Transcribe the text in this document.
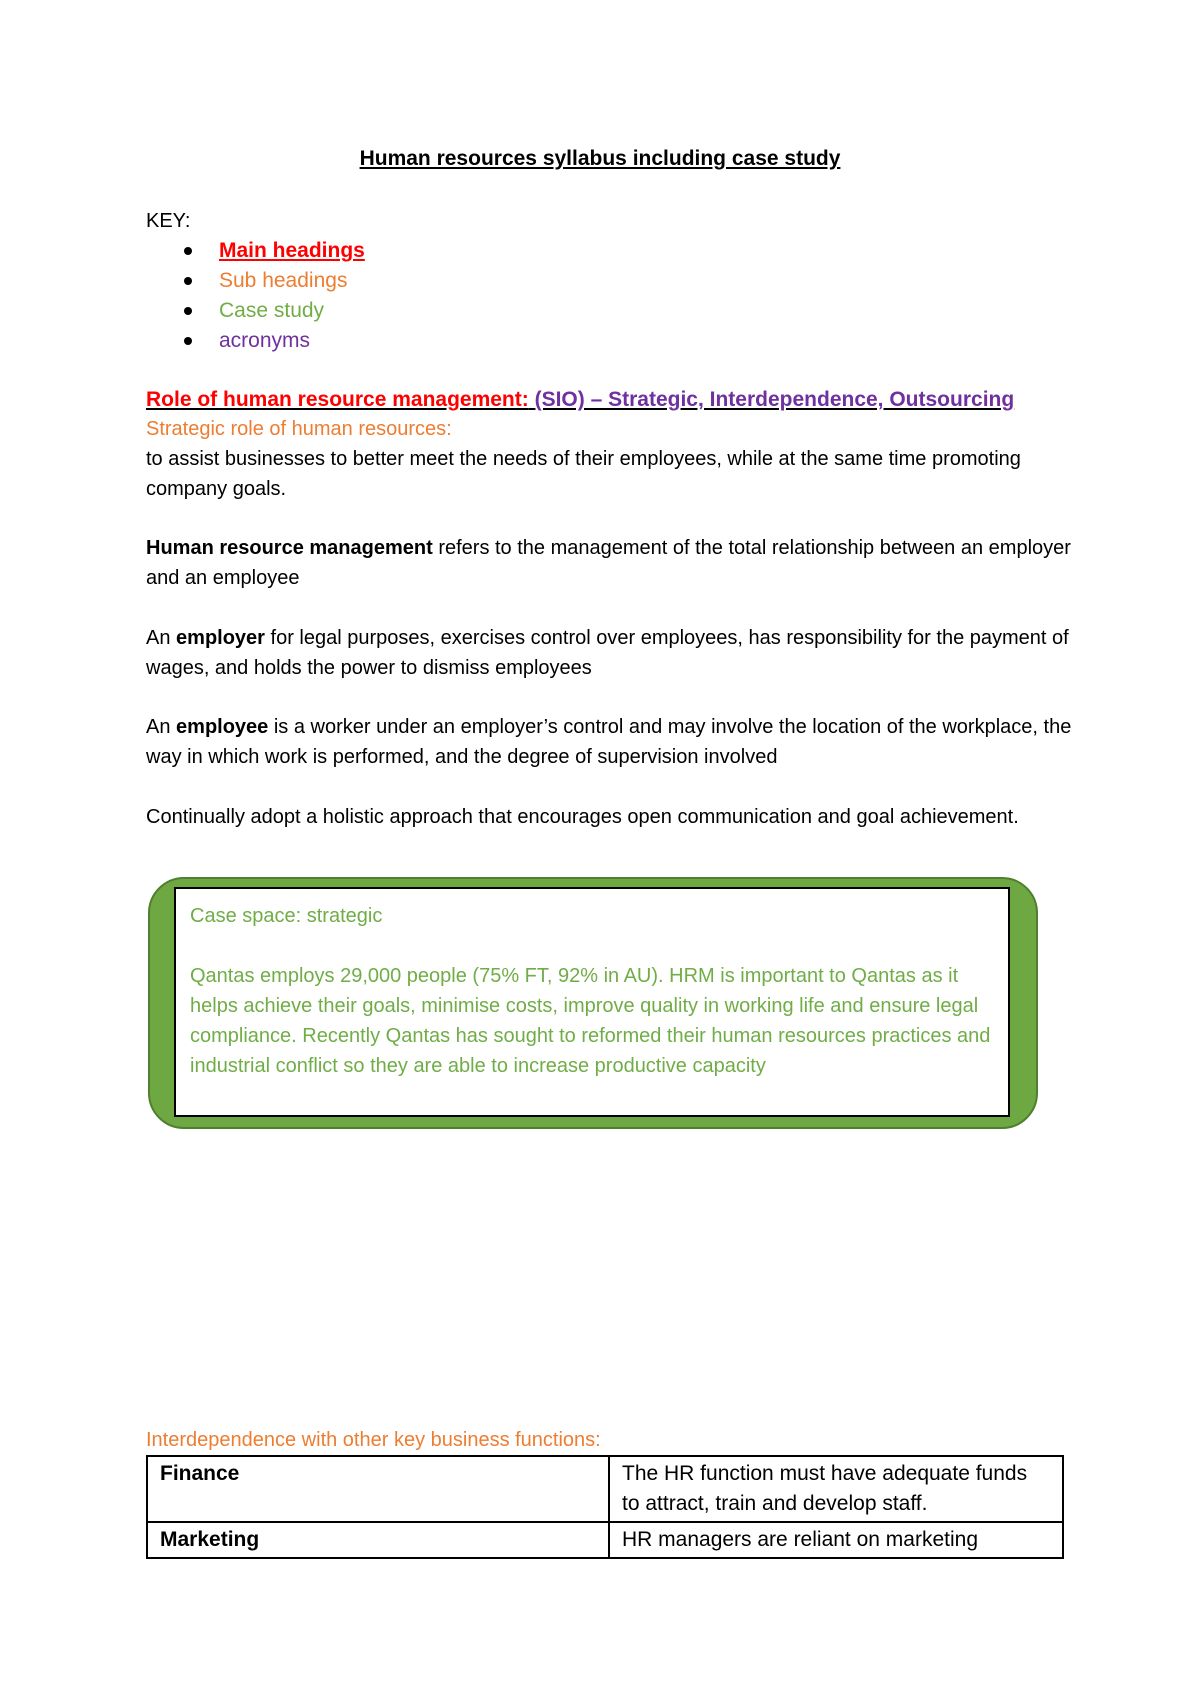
Human resources syllabus including case study
KEY:
Main headings
Sub headings
Case study
acronyms
Role of human resource management: (SIO) – Strategic, Interdependence, Outsourcing
Strategic role of human resources:
to assist businesses to better meet the needs of their employees, while at the same time promoting company goals.
Human resource management refers to the management of the total relationship between an employer and an employee
An employer for legal purposes, exercises control over employees, has responsibility for the payment of wages, and holds the power to dismiss employees
An employee is a worker under an employer’s control and may involve the location of the workplace, the way in which work is performed, and the degree of supervision involved
Continually adopt a holistic approach that encourages open communication and goal achievement.

Case space: strategic

Qantas employs 29,000 people (75% FT, 92% in AU). HRM is important to Qantas as it helps achieve their goals, minimise costs, improve quality in working life and ensure legal compliance. Recently Qantas has sought to reformed their human resources practices and industrial conflict so they are able to increase productive capacity

Interdependence with other key business functions:
Finance	The HR function must have adequate funds to attract, train and develop staff.
Marketing	HR managers are reliant on marketing
